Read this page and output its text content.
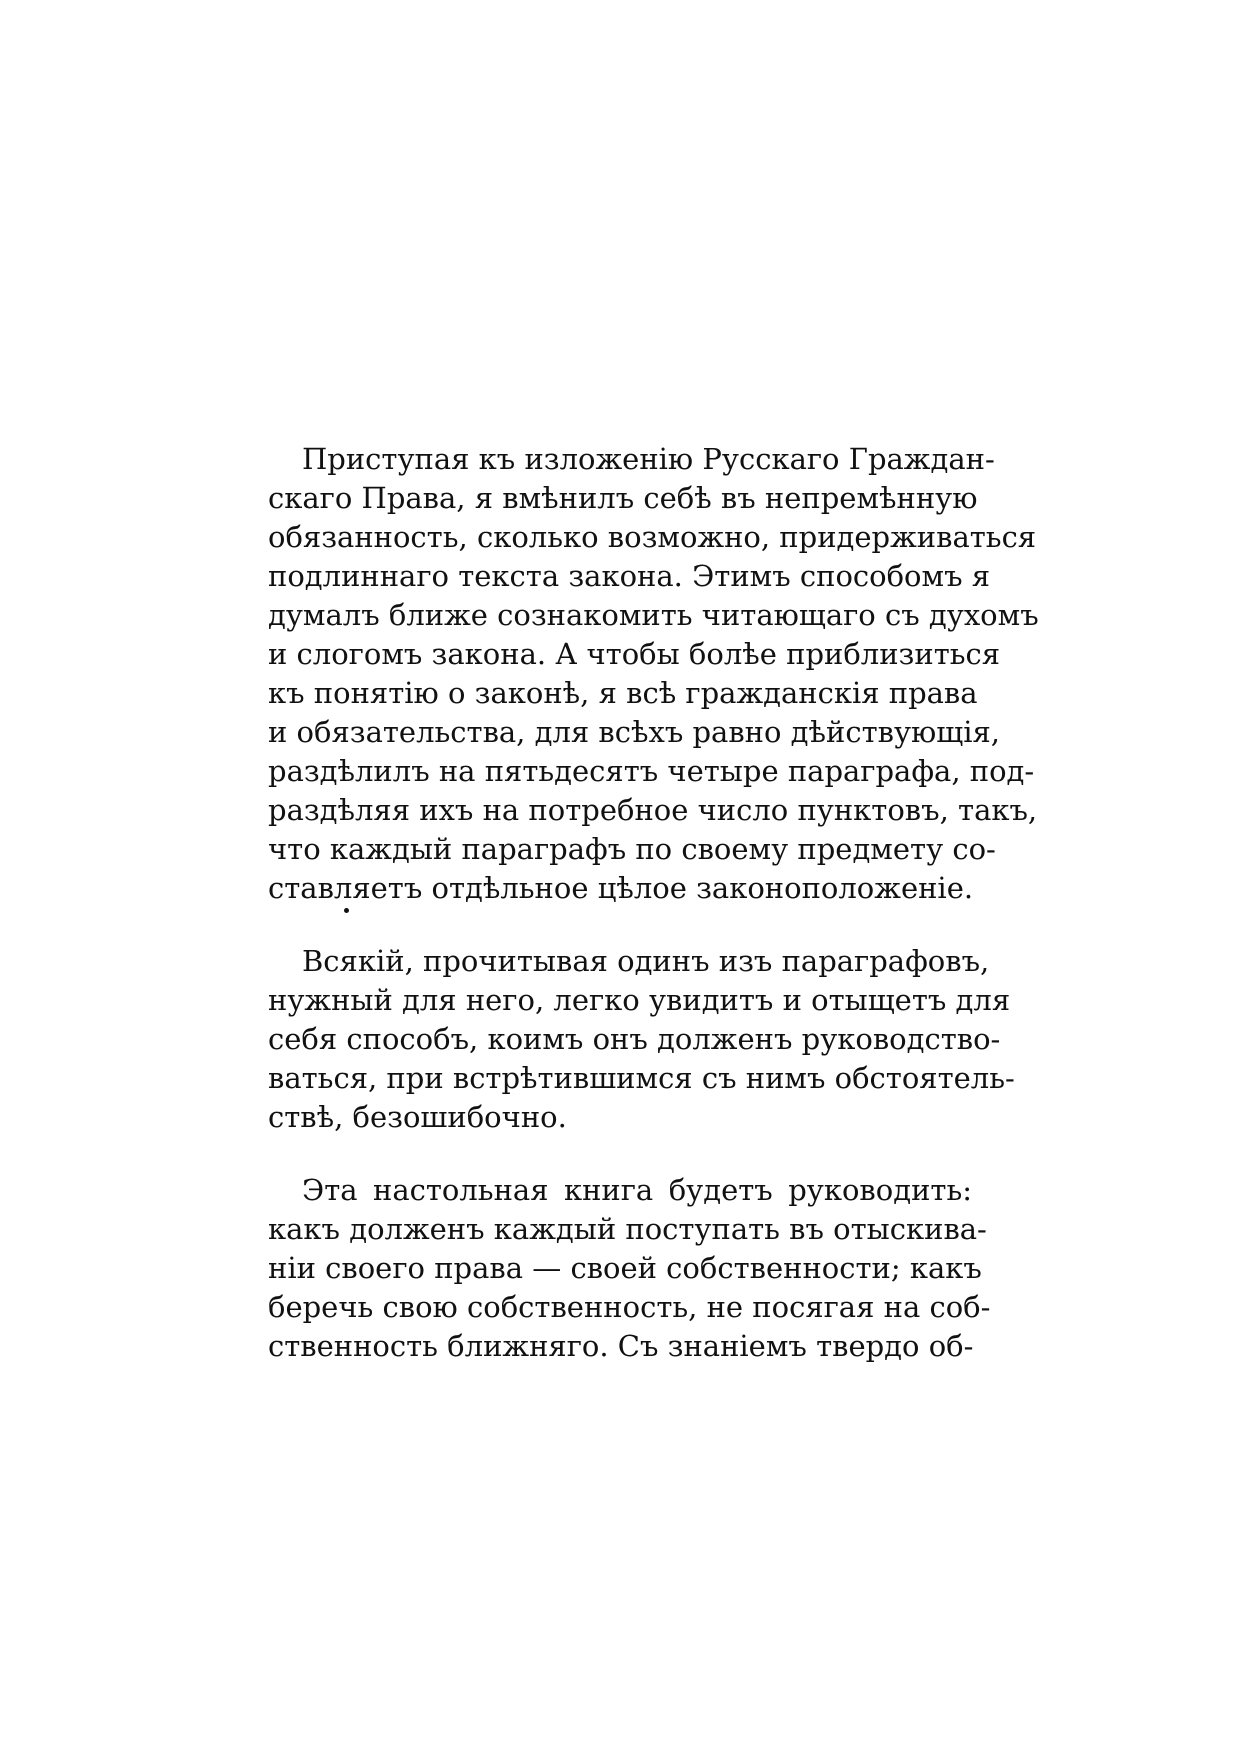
Приступая къ изложенію Русскаго Граждан-
скаго Права, я вмѣнилъ себѣ въ непремѣнную
обязанность, сколько возможно, придерживаться
подлиннаго текста закона. Этимъ способомъ я
думалъ ближе сознакомить читающаго съ духомъ
и слогомъ закона. А чтобы болѣе приблизиться
къ понятію о законѣ, я всѣ гражданскія права
и обязательства, для всѣхъ равно дѣйствующія,
раздѣлилъ на пятьдесятъ четыре параграфа, под-
раздѣляя ихъ на потребное число пунктовъ, такъ,
что каждый параграфъ по своему предмету со-
ставляетъ отдѣльное цѣлое законоположеніе.

Всякій, прочитывая одинъ изъ параграфовъ,
нужный для него, легко увидитъ и отыщетъ для
себя способъ, коимъ онъ долженъ руководство-
ваться, при встрѣтившимся съ нимъ обстоятель-
ствѣ, безошибочно.

Эта настольная книга будетъ руководить:
какъ долженъ каждый поступать въ отыскива-
ніи своего права — своей собственности; какъ
беречь свою собственность, не посягая на соб-
ственность ближняго. Съ знаніемъ твердо об-
